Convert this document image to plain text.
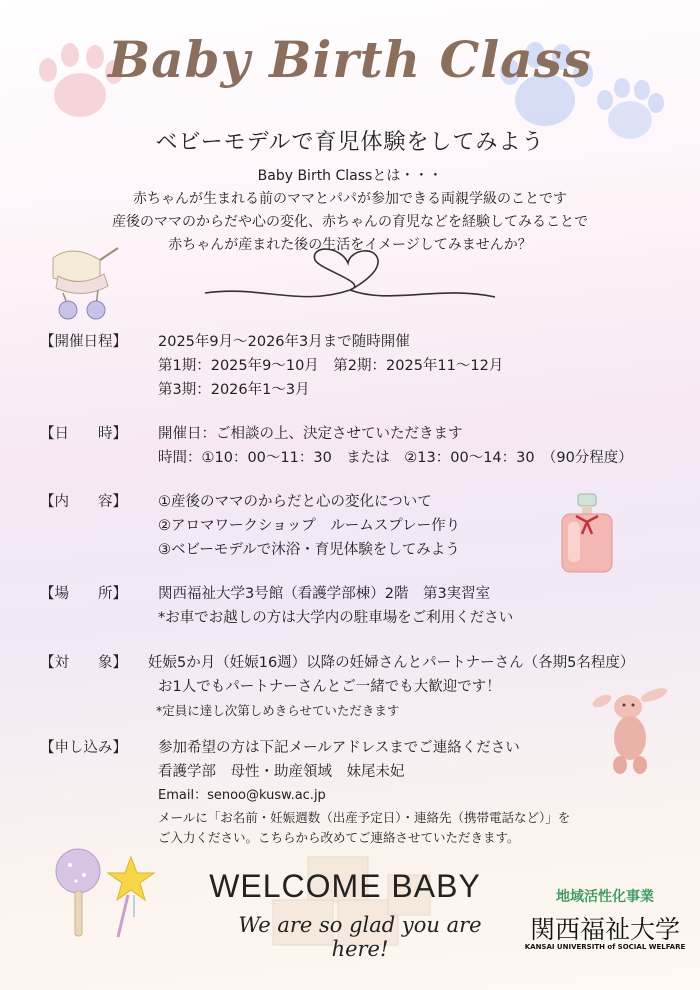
Baby Birth Class
ベビーモデルで育児体験をしてみよう
Baby Birth Classとは・・・
赤ちゃんが生まれる前のママとパパが参加できる両親学級のことです
産後のママのからだや心の変化、赤ちゃんの育児などを経験してみることで
赤ちゃんが産まれた後の生活をイメージしてみませんか？
【開催日程】 2025年9月～2026年3月まで随時開催
第1期：2025年9～10月　第2期：2025年11～12月
第3期：2026年1～3月
【日　　時】 開催日：ご相談の上、決定させていただきます
時間：①10：00～11：30　または　②13：00～14：30　（90分程度）
【内　　容】 ①産後のママのからだと心の変化について
②アロマワークショップ　ルームスプレー作り
③ベビーモデルで沐浴・育児体験をしてみよう
【場　　所】 関西福祉大学3号館（看護学部棟）2階　第3実習室
*お車でお越しの方は大学内の駐車場をご利用ください
【対　　象】 妊娠5か月（妊娠16週）以降の妊婦さんとパートナーさん（各期5名程度）
お1人でもパートナーさんとご一緒でも大歓迎です！
*定員に達し次第しめきらせていただきます
【申し込み】 参加希望の方は下記メールアドレスまでご連絡ください
看護学部　母性・助産領域　妹尾未妃
Email：senoo@kusw.ac.jp
メールに「お名前・妊娠週数（出産予定日）・連絡先（携帯電話など）」を
ご入力ください。こちらから改めてご連絡させていただきます。
WELCOME BABY
We are so glad you are here!
地域活性化事業
関西福祉大学
KANSAI UNIVERSITH of SOCIAL WELFARE
